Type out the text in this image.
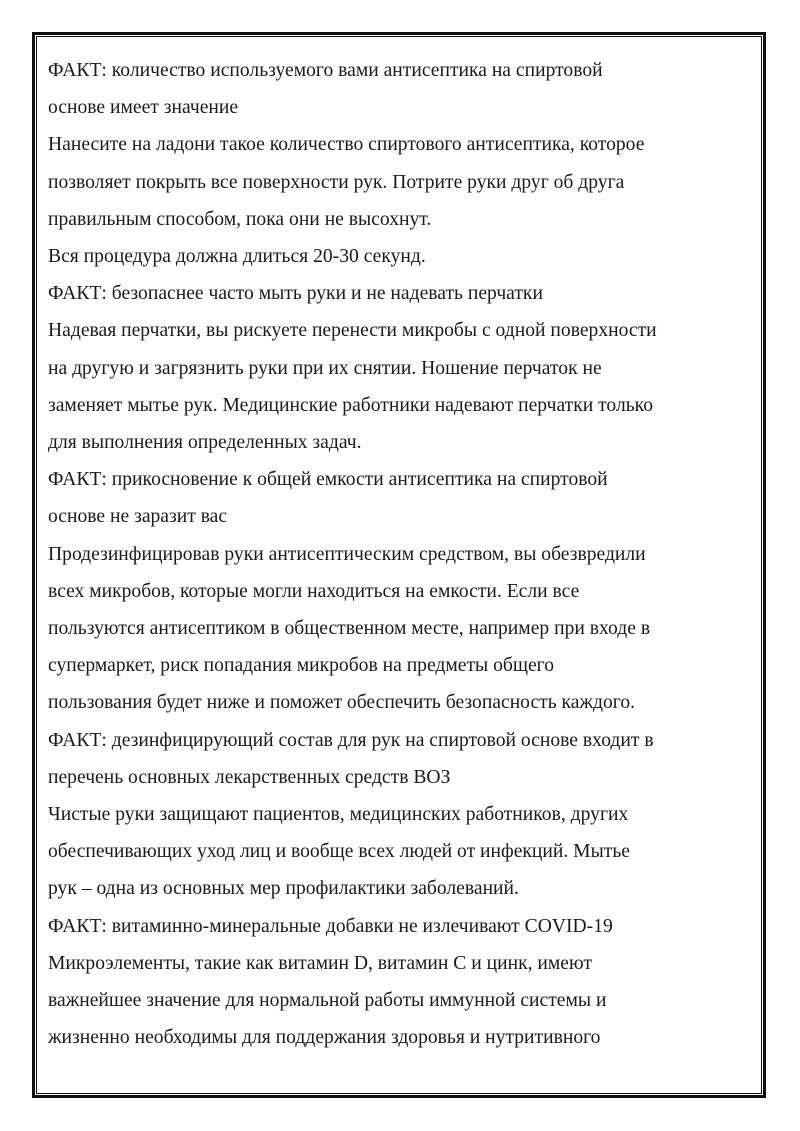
ФАКТ: количество используемого вами антисептика на спиртовой
основе имеет значение
Нанесите на ладони такое количество спиртового антисептика, которое
позволяет покрыть все поверхности рук. Потрите руки друг об друга
правильным способом, пока они не высохнут.
Вся процедура должна длиться 20-30 секунд.
ФАКТ: безопаснее часто мыть руки и не надевать перчатки
Надевая перчатки, вы рискуете перенести микробы с одной поверхности
на другую и загрязнить руки при их снятии. Ношение перчаток не
заменяет мытье рук. Медицинские работники надевают перчатки только
для выполнения определенных задач.
ФАКТ: прикосновение к общей емкости антисептика на спиртовой
основе не заразит вас
Продезинфицировав руки антисептическим средством, вы обезвредили
всех микробов, которые могли находиться на емкости. Если все
пользуются антисептиком в общественном месте, например при входе в
супермаркет, риск попадания микробов на предметы общего
пользования будет ниже и поможет обеспечить безопасность каждого.
ФАКТ: дезинфицирующий состав для рук на спиртовой основе входит в
перечень основных лекарственных средств ВОЗ
Чистые руки защищают пациентов, медицинских работников, других
обеспечивающих уход лиц и вообще всех людей от инфекций. Мытье
рук – одна из основных мер профилактики заболеваний.
ФАКТ: витаминно-минеральные добавки не излечивают COVID-19
Микроэлементы, такие как витамин D, витамин С и цинк, имеют
важнейшее значение для нормальной работы иммунной системы и
жизненно необходимы для поддержания здоровья и нутритивного
